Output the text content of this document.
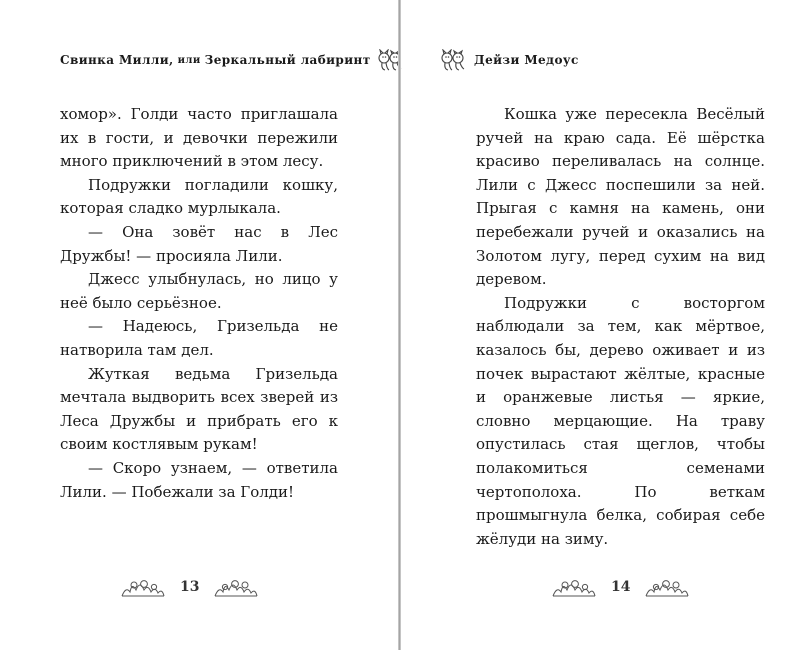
Свинка Милли, или Зеркальный лабиринт

хомор». Голди часто приглашала их в гости, и девочки пережили много приключений в этом лесу.

Подружки погладили кошку, которая сладко мурлыкала.

— Она зовёт нас в Лес Дружбы! — просияла Лили.

Джесс улыбнулась, но лицо у неё было серьёзное.

— Надеюсь, Гризельда не натворила там дел.

Жуткая ведьма Гризельда мечтала выдворить всех зверей из Леса Дружбы и прибрать его к своим костлявым рукам!

— Скоро узнаем, — ответила Лили. — Побежали за Голди!

13
Дейзи Медоус

Кошка уже пересекла Весёлый ручей на краю сада. Её шёрстка красиво переливалась на солнце. Лили с Джесс поспешили за ней. Прыгая с камня на камень, они перебежали ручей и оказались на Золотом лугу, перед сухим на вид деревом.

Подружки с восторгом наблюдали за тем, как мёртвое, казалось бы, дерево оживает и из почек вырастают жёлтые, красные и оранжевые листья — яркие, словно мерцающие. На траву опустилась стая щеглов, чтобы полакомиться семенами чертополоха. По веткам прошмыгнула белка, собирая себе жёлуди на зиму.

14
